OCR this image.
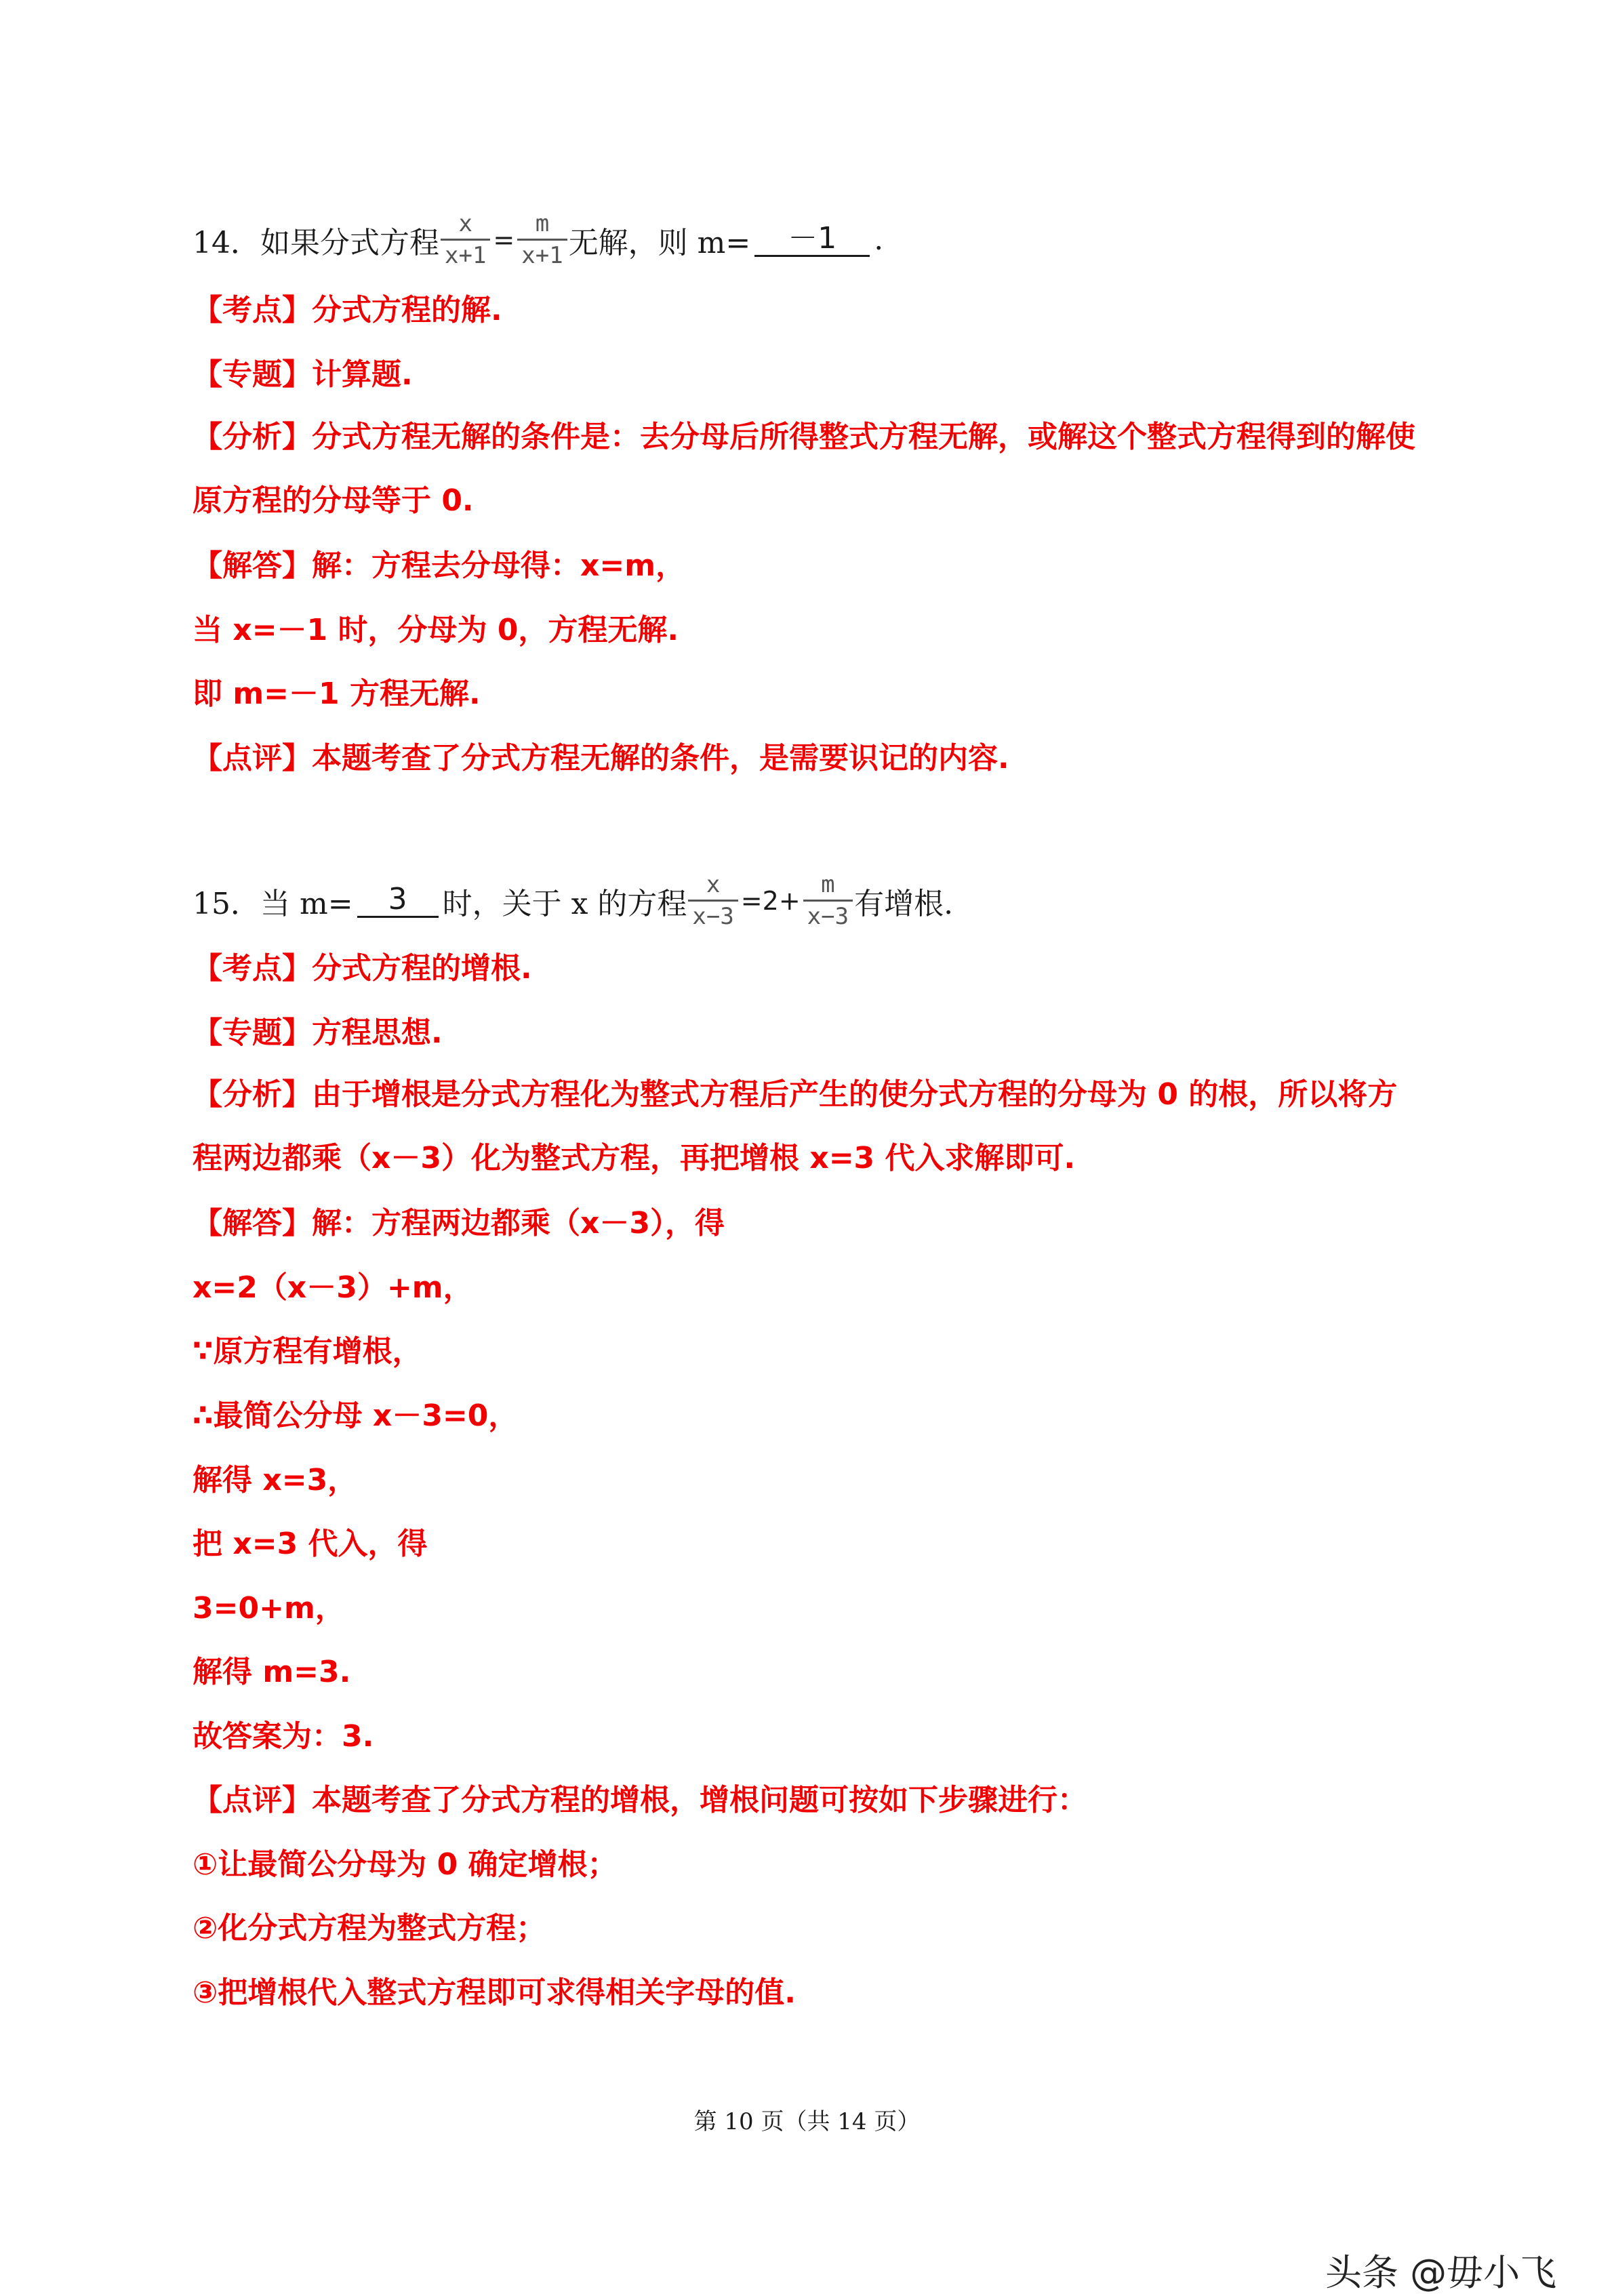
14．如果分式方程 $\frac{x}{x+1} = \frac{m}{x+1}$ 无解，则 m=	－1	.
【考点】分式方程的解.
【专题】计算题.
【分析】分式方程无解的条件是：去分母后所得整式方程无解，或解这个整式方程得到的解使原方程的分母等于 0.
【解答】解：方程去分母得：x=m，
当 x=－1 时，分母为 0，方程无解.
即 m=－1 方程无解.
【点评】本题考查了分式方程无解的条件，是需要识记的内容.
15．当 m=	3	时，关于 x 的方程 $\frac{x}{x-3} =2+ \frac{m}{x-3}$ 有增根.
【考点】分式方程的增根.
【专题】方程思想.
【分析】由于增根是分式方程化为整式方程后产生的使分式方程的分母为 0 的根，所以将方程两边都乘（x－3）化为整式方程，再把增根 x=3 代入求解即可.
【解答】解：方程两边都乘（x－3），得
x=2（x－3）+m，
∵原方程有增根，
∴最简公分母 x－3=0，
解得 x=3，
把 x=3 代入，得
3=0+m，
解得 m=3.
故答案为：3.
【点评】本题考查了分式方程的增根，增根问题可按如下步骤进行：
①让最简公分母为 0 确定增根；
②化分式方程为整式方程；
③把增根代入整式方程即可求得相关字母的值.
第 10 页（共 14 页）
头条 @毋小飞
